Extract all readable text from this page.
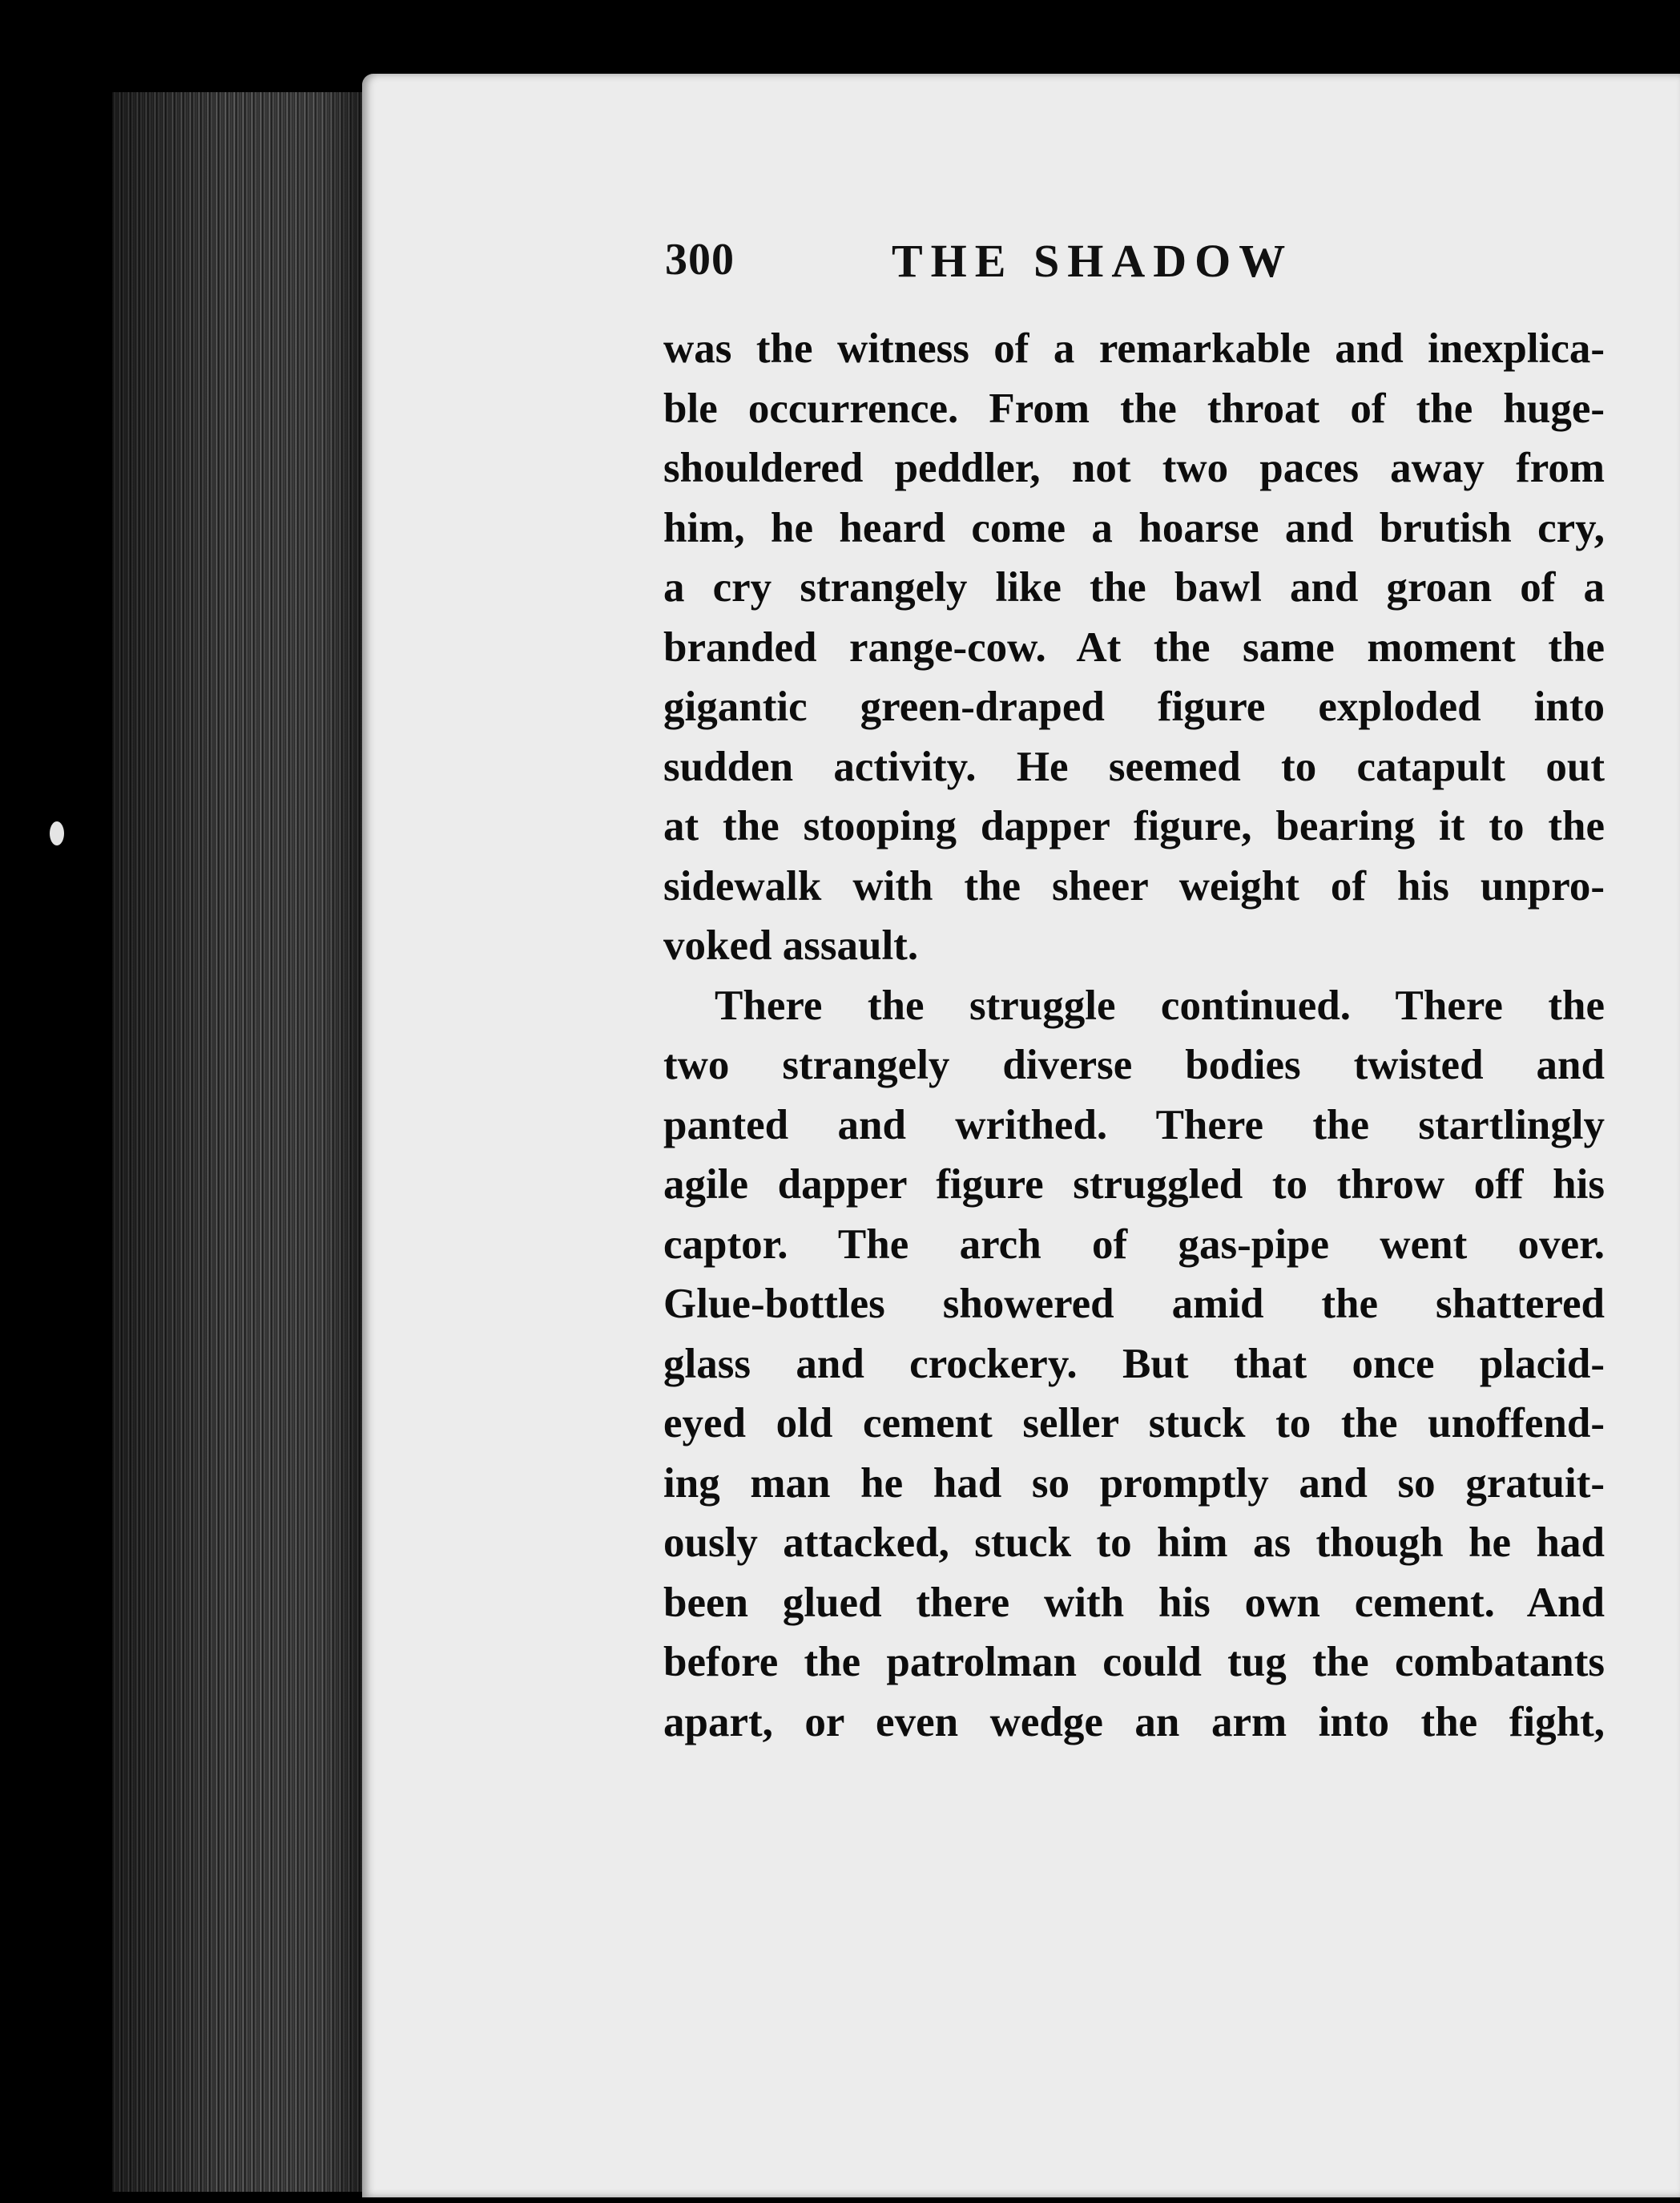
300	THE SHADOW
was the witness of a remarkable and inexplica-
ble occurrence. From the throat of the huge-
shouldered peddler, not two paces away from
him, he heard come a hoarse and brutish cry,
a cry strangely like the bawl and groan of a
branded range-cow. At the same moment the
gigantic green-draped figure exploded into
sudden activity. He seemed to catapult out
at the stooping dapper figure, bearing it to the
sidewalk with the sheer weight of his unpro-
voked assault.
There the struggle continued. There the
two strangely diverse bodies twisted and
panted and writhed. There the startlingly
agile dapper figure struggled to throw off his
captor. The arch of gas-pipe went over.
Glue-bottles showered amid the shattered
glass and crockery. But that once placid-
eyed old cement seller stuck to the unoffend-
ing man he had so promptly and so gratuit-
ously attacked, stuck to him as though he had
been glued there with his own cement. And
before the patrolman could tug the combatants
apart, or even wedge an arm into the fight,
